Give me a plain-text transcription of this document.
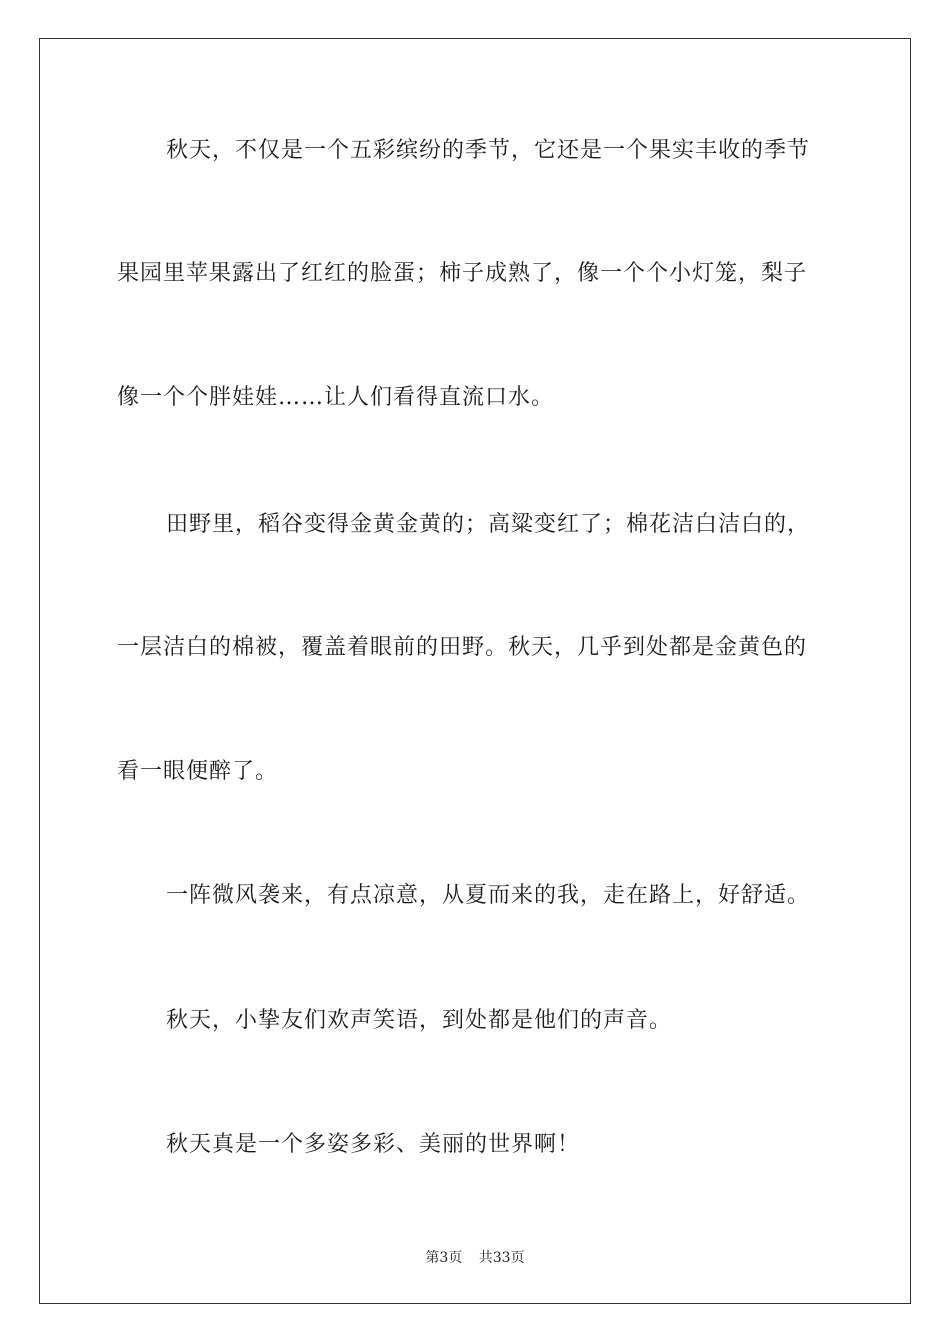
秋天，不仅是一个五彩缤纷的季节，它还是一个果实丰收的季节
果园里苹果露出了红红的脸蛋；柿子成熟了，像一个个小灯笼，梨子
像一个个胖娃娃……让人们看得直流口水。
田野里，稻谷变得金黄金黄的；高粱变红了；棉花洁白洁白的，
一层洁白的棉被，覆盖着眼前的田野。秋天，几乎到处都是金黄色的
看一眼便醉了。
一阵微风袭来，有点凉意，从夏而来的我，走在路上，好舒适。
秋天，小挚友们欢声笑语，到处都是他们的声音。
秋天真是一个多姿多彩、美丽的世界啊！
第3页 共33页
